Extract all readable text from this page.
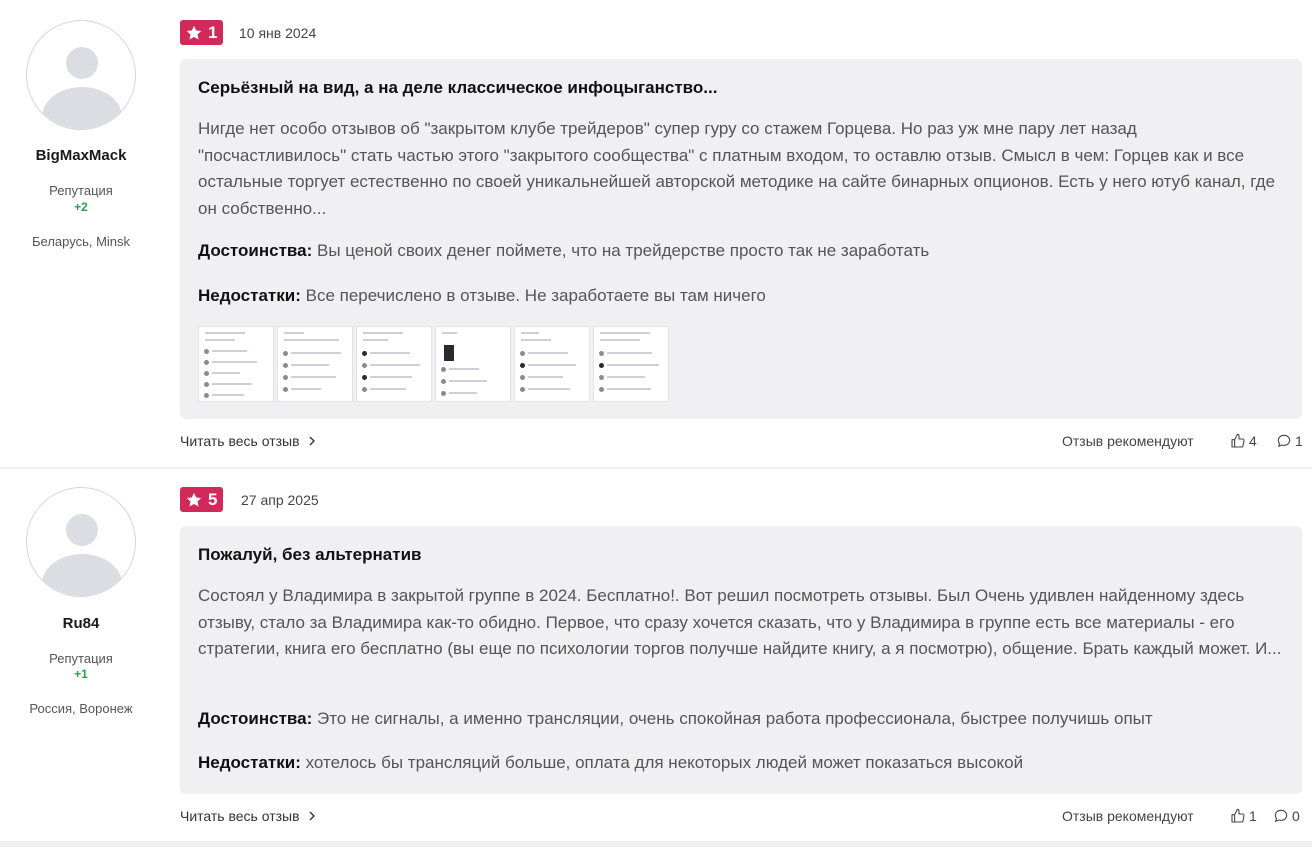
BigMaxMack
Репутация
+2
Беларусь, Minsk
1 10 янв 2024
Серьёзный на вид, а на деле классическое инфоцыганство...
Нигде нет особо отзывов об "закрытом клубе трейдеров" супер гуру со стажем Горцева. Но раз уж мне пару лет назад "посчастливилось" стать частью этого "закрытого сообщества" с платным входом, то оставлю отзыв. Смысл в чем: Горцев как и все остальные торгует естественно по своей уникальнейшей авторской методике на сайте бинарных опционов. Есть у него ютуб канал, где он собственно...
Достоинства: Вы ценой своих денег поймете, что на трейдерстве просто так не заработать
Недостатки: Все перечислено в отзыве. Не заработаете вы там ничего
Читать весь отзыв	Отзыв рекомендуют	4	1
Ru84
Репутация
+1
Россия, Воронеж
5 27 апр 2025
Пожалуй, без альтернатив
Состоял у Владимира в закрытой группе в 2024. Бесплатно!. Вот решил посмотреть отзывы. Был Очень удивлен найденному здесь отзыву, стало за Владимира как-то обидно. Первое, что сразу хочется сказать, что у Владимира в группе есть все материалы - его стратегии, книга его бесплатно (вы еще по психологии торгов получше найдите книгу, а я посмотрю), общение. Брать каждый может. И...
Достоинства: Это не сигналы, а именно трансляции, очень спокойная работа профессионала, быстрее получишь опыт
Недостатки: хотелось бы трансляций больше, оплата для некоторых людей может показаться высокой
Читать весь отзыв	Отзыв рекомендуют	1	0
